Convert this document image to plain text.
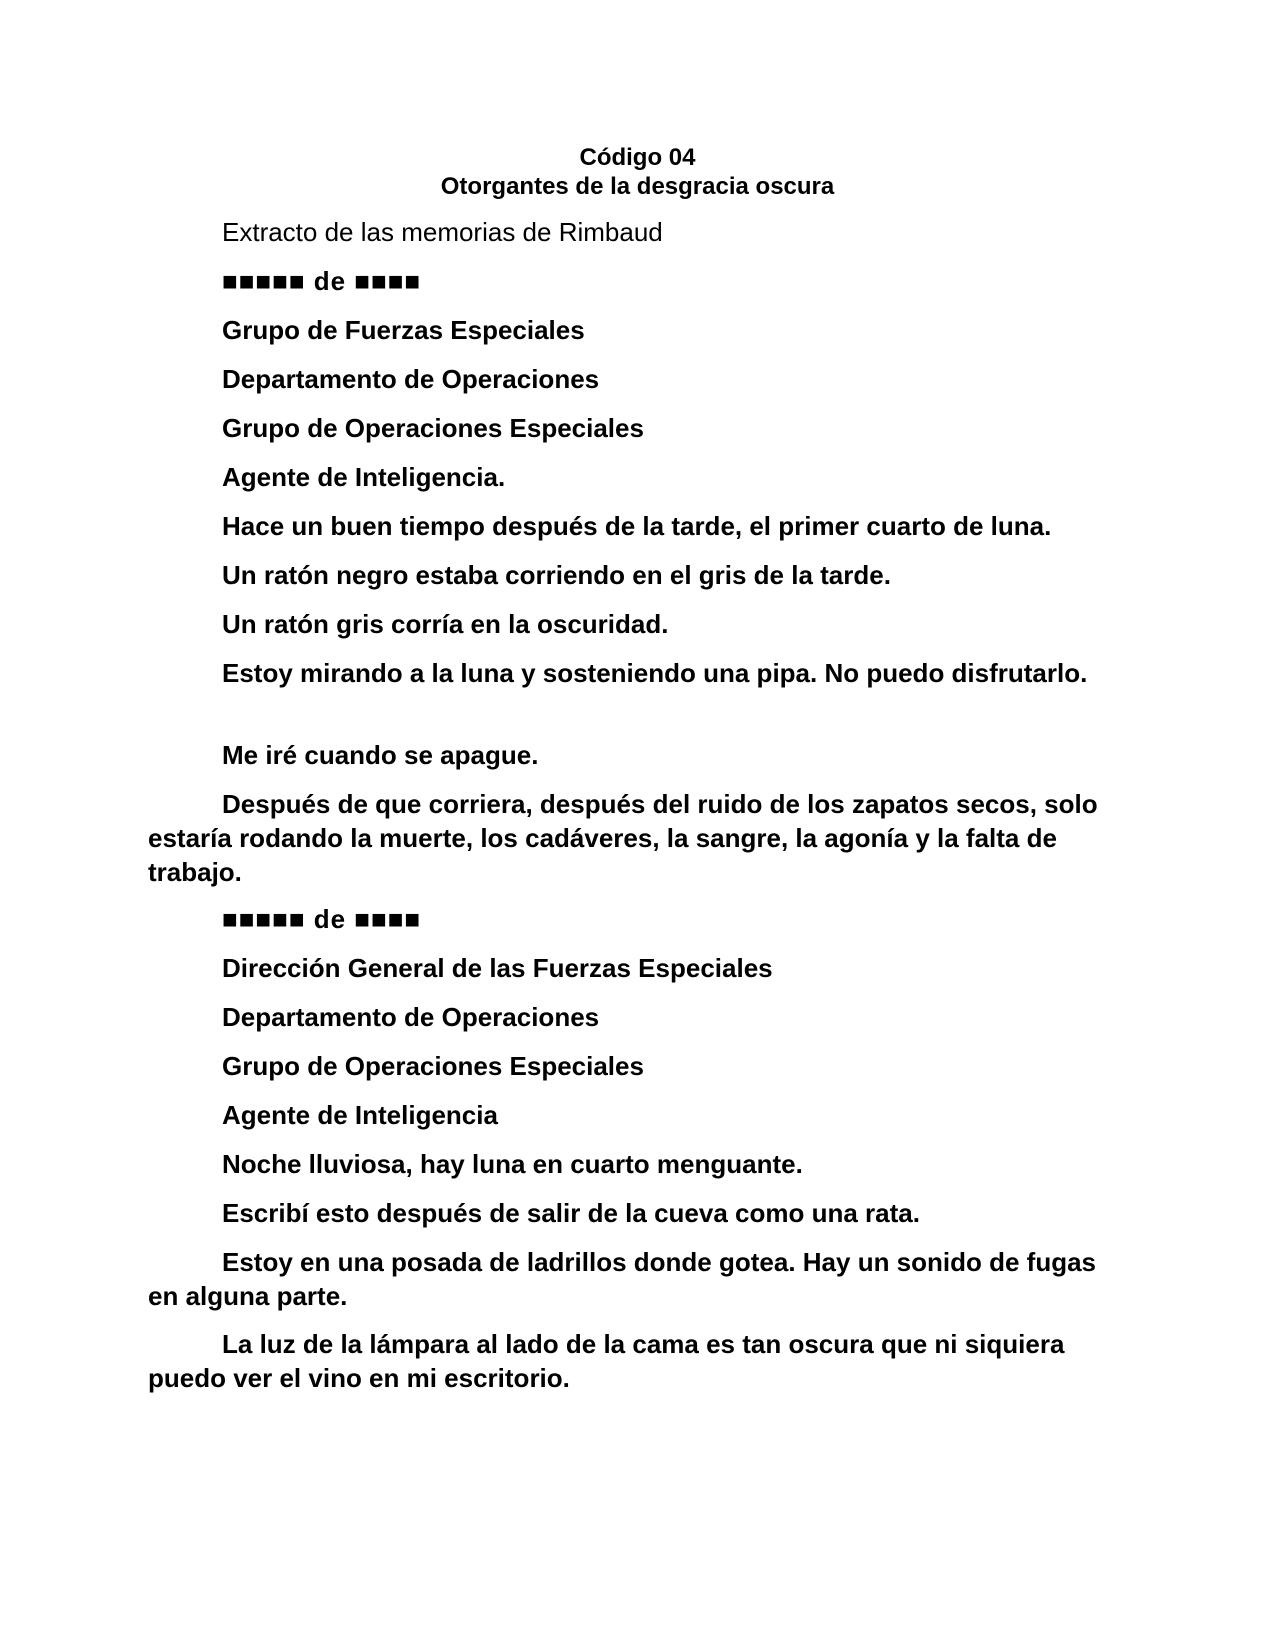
Código 04

Otorgantes de la desgracia oscura

Extracto de las memorias de Rimbaud

■■■■■ de ■■■■

Grupo de Fuerzas Especiales

Departamento de Operaciones

Grupo de Operaciones Especiales

Agente de Inteligencia.

Hace un buen tiempo después de la tarde, el primer cuarto de luna.

Un ratón negro estaba corriendo en el gris de la tarde.

Un ratón gris corría en la oscuridad.

Estoy mirando a la luna y sosteniendo una pipa. No puedo disfrutarlo.

Me iré cuando se apague.

Después de que corriera, después del ruido de los zapatos secos, solo estaría rodando la muerte, los cadáveres, la sangre, la agonía y la falta de trabajo.

■■■■■ de ■■■■

Dirección General de las Fuerzas Especiales

Departamento de Operaciones

Grupo de Operaciones Especiales

Agente de Inteligencia

Noche lluviosa, hay luna en cuarto menguante.

Escribí esto después de salir de la cueva como una rata.

Estoy en una posada de ladrillos donde gotea. Hay un sonido de fugas en alguna parte.

La luz de la lámpara al lado de la cama es tan oscura que ni siquiera puedo ver el vino en mi escritorio.
